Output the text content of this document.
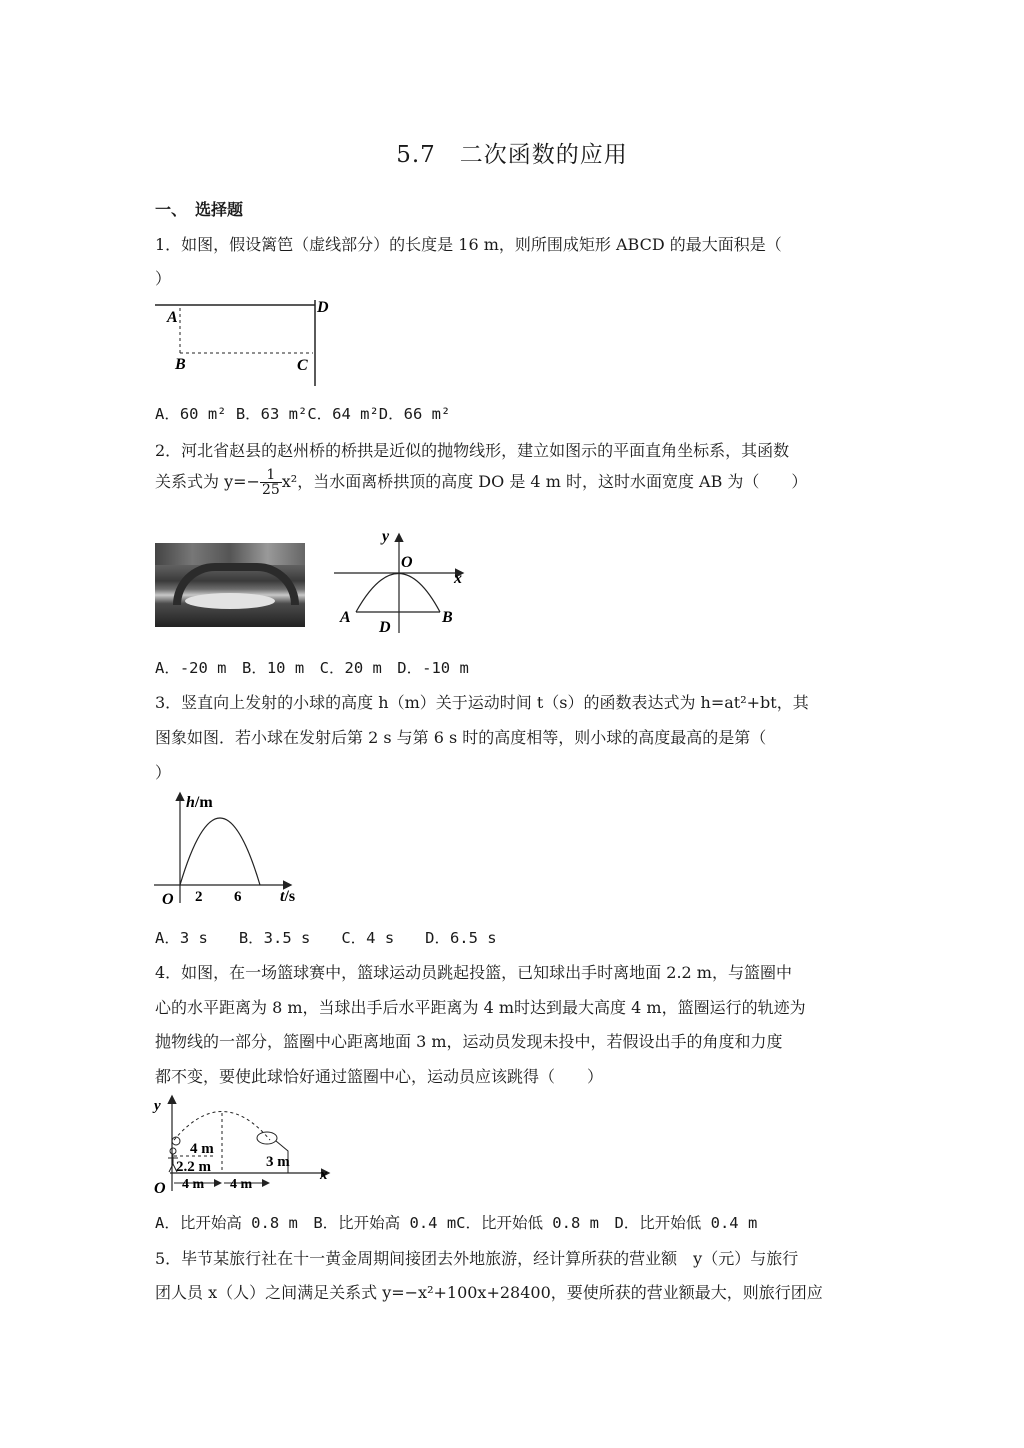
5.7　二次函数的应用
一、　选择题
1．如图，假设篱笆（虚线部分）的长度是 16 m，则所围成矩形 ABCD 的最大面积是（
）
A
D
B	C
A．60 m² B．63 m²C．64 m²D．66 m²
2．河北省赵县的赵州桥的桥拱是近似的抛物线形，建立如图示的平面直角坐标系，其函数
关系式为 $y=- \frac{1}{25} x^2$，当水面离桥拱顶的高度 DO 是 4 m 时，这时水面宽度 AB 为（　　）
y
x
O
A	B
D
A．-20 m　B．10 m　C．20 m　D．-10 m
3．竖直向上发射的小球的高度 h（m）关于运动时间 t（s）的函数表达式为 h=at²+bt，其
图象如图．若小球在发射后第 2 s 与第 6 s 时的高度相等，则小球的高度最高的是第（
）
h/m
O 2 6 t/s
A．3 s　　B．3.5 s　　C．4 s　　D．6.5 s
4．如图，在一场篮球赛中，篮球运动员跳起投篮，已知球出手时离地面 2.2 m，与篮圈中
心的水平距离为 8 m，当球出手后水平距离为 4 m时达到最大高度 4 m，篮圈运行的轨迹为
抛物线的一部分，篮圈中心距离地面 3 m，运动员发现未投中，若假设出手的角度和力度
都不变，要使此球恰好通过篮圈中心，运动员应该跳得（　　）
y
x
O
4 m
2.2 m	3 m
4 m 4 m
A．比开始高 0.8 m　B．比开始高 0.4 mC．比开始低 0.8 m　D．比开始低 0.4 m
5．毕节某旅行社在十一黄金周期间接团去外地旅游，经计算所获的营业额　y（元）与旅行
团人员 x（人）之间满足关系式 y=−x²+100x+28400，要使所获的营业额最大，则旅行团应
